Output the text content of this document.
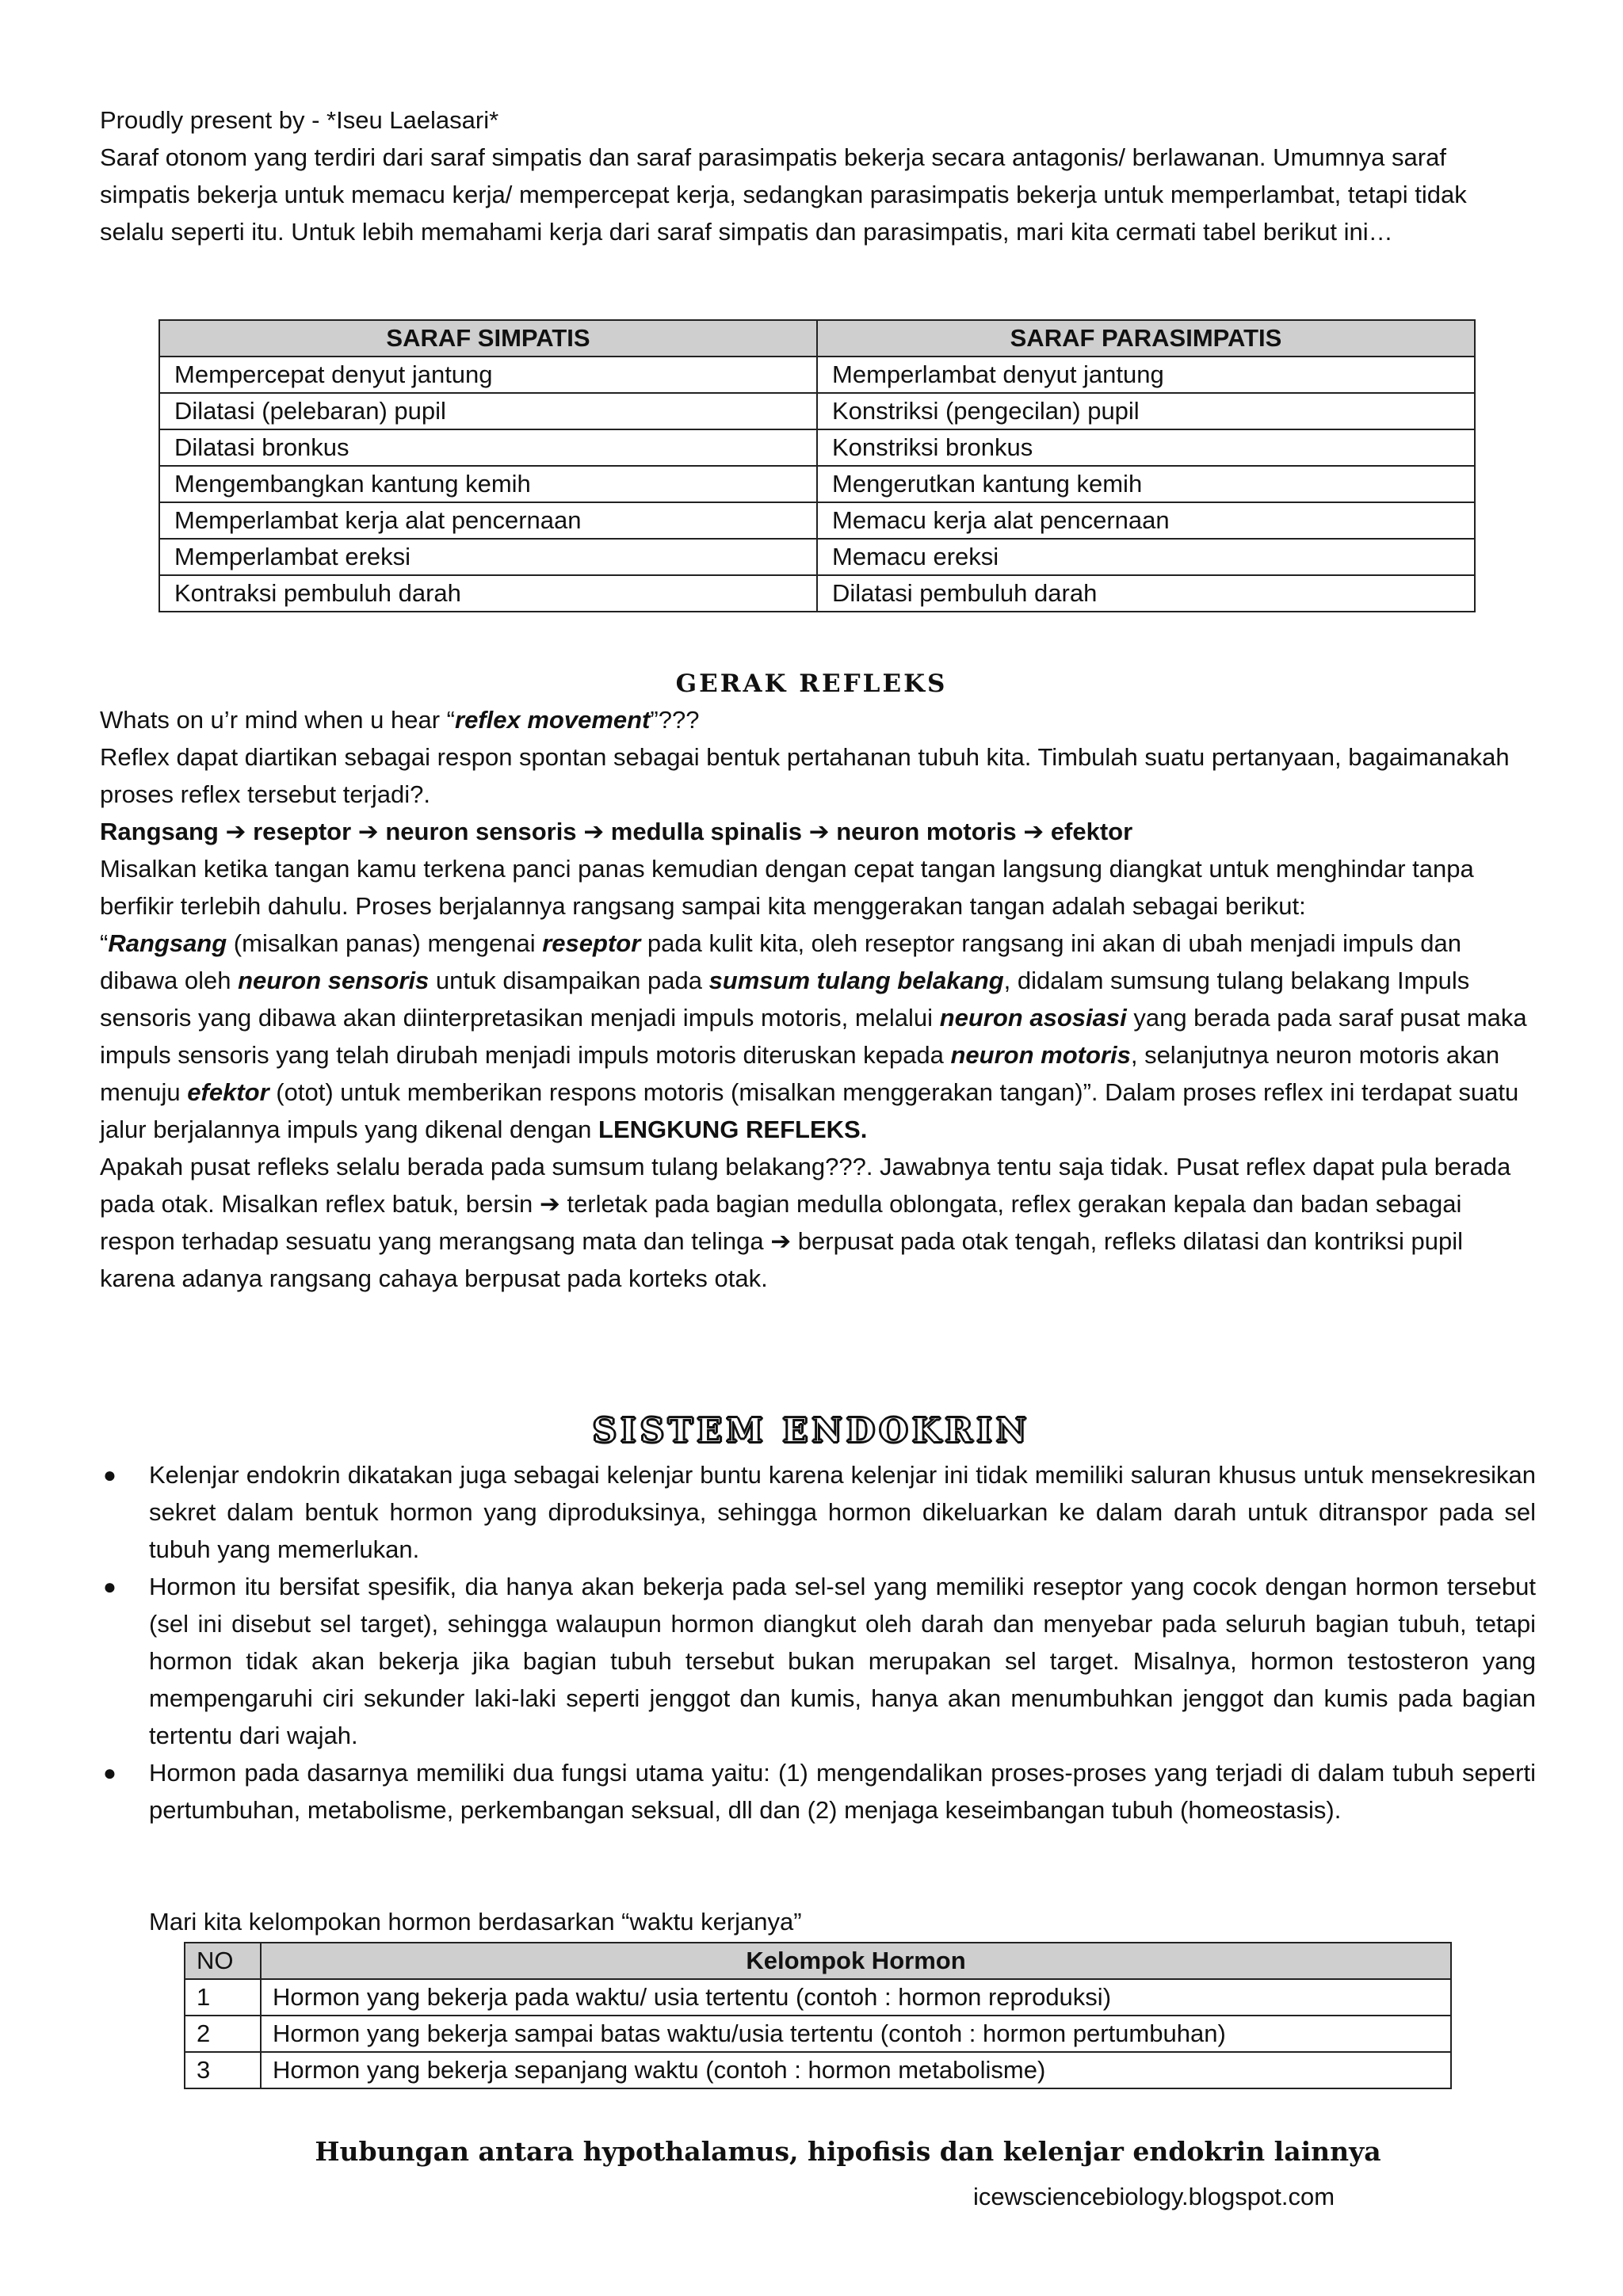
Proudly present by - *Iseu Laelasari*

Saraf otonom yang terdiri dari saraf simpatis dan saraf parasimpatis bekerja secara antagonis/ berlawanan. Umumnya saraf simpatis bekerja untuk memacu kerja/ mempercepat kerja, sedangkan parasimpatis bekerja untuk memperlambat, tetapi tidak selalu seperti itu. Untuk lebih memahami kerja dari saraf simpatis dan parasimpatis, mari kita cermati tabel berikut ini…

SARAF SIMPATIS	SARAF PARASIMPATIS
Mempercepat denyut jantung	Memperlambat denyut jantung
Dilatasi (pelebaran) pupil	Konstriksi (pengecilan) pupil
Dilatasi bronkus	Konstriksi bronkus
Mengembangkan kantung kemih	Mengerutkan kantung kemih
Memperlambat kerja alat pencernaan	Memacu kerja alat pencernaan
Memperlambat ereksi	Memacu ereksi
Kontraksi pembuluh darah	Dilatasi pembuluh darah
GERAK REFLEKS

Whats on u’r mind when u hear “reflex movement”???

Reflex dapat diartikan sebagai respon spontan sebagai bentuk pertahanan tubuh kita. Timbulah suatu pertanyaan, bagaimanakah proses reflex tersebut terjadi?.

Rangsang ➔ reseptor ➔ neuron sensoris ➔ medulla spinalis ➔ neuron motoris ➔ efektor

Misalkan ketika tangan kamu terkena panci panas kemudian dengan cepat tangan langsung diangkat untuk menghindar tanpa berfikir terlebih dahulu. Proses berjalannya rangsang sampai kita menggerakan tangan adalah sebagai berikut:

“Rangsang (misalkan panas) mengenai reseptor pada kulit kita, oleh reseptor rangsang ini akan di ubah menjadi impuls dan dibawa oleh neuron sensoris untuk disampaikan pada sumsum tulang belakang, didalam sumsung tulang belakang Impuls sensoris yang dibawa akan diinterpretasikan menjadi impuls motoris, melalui neuron asosiasi yang berada pada saraf pusat maka impuls sensoris yang telah dirubah menjadi impuls motoris diteruskan kepada neuron motoris, selanjutnya neuron motoris akan menuju efektor (otot) untuk memberikan respons motoris (misalkan menggerakan tangan)”. Dalam proses reflex ini terdapat suatu jalur berjalannya impuls yang dikenal dengan LENGKUNG REFLEKS.

Apakah pusat refleks selalu berada pada sumsum tulang belakang???. Jawabnya tentu saja tidak. Pusat reflex dapat pula berada pada otak. Misalkan reflex batuk, bersin ➔ terletak pada bagian medulla oblongata, reflex gerakan kepala dan badan sebagai respon terhadap sesuatu yang merangsang mata dan telinga ➔ berpusat pada otak tengah, refleks dilatasi dan kontriksi pupil karena adanya rangsang cahaya berpusat pada korteks otak.

SISTEM ENDOKRIN
● Kelenjar endokrin dikatakan juga sebagai kelenjar buntu karena kelenjar ini tidak memiliki saluran khusus untuk mensekresikan sekret dalam bentuk hormon yang diproduksinya, sehingga hormon dikeluarkan ke dalam darah untuk ditranspor pada sel tubuh yang memerlukan.
● Hormon itu bersifat spesifik, dia hanya akan bekerja pada sel-sel yang memiliki reseptor yang cocok dengan hormon tersebut (sel ini disebut sel target), sehingga walaupun hormon diangkut oleh darah dan menyebar pada seluruh bagian tubuh, tetapi hormon tidak akan bekerja jika bagian tubuh tersebut bukan merupakan sel target. Misalnya, hormon testosteron yang mempengaruhi ciri sekunder laki-laki seperti jenggot dan kumis, hanya akan menumbuhkan jenggot dan kumis pada bagian tertentu dari wajah.
● Hormon pada dasarnya memiliki dua fungsi utama yaitu: (1) mengendalikan proses-proses yang terjadi di dalam tubuh seperti pertumbuhan, metabolisme, perkembangan seksual, dll dan (2) menjaga keseimbangan tubuh (homeostasis).
Mari kita kelompokan hormon berdasarkan “waktu kerjanya”
NO	Kelompok Hormon
1	Hormon yang bekerja pada waktu/ usia tertentu (contoh : hormon reproduksi)
2	Hormon yang bekerja sampai batas waktu/usia tertentu (contoh : hormon pertumbuhan)
3	Hormon yang bekerja sepanjang waktu (contoh : hormon metabolisme)
Hubungan antara hypothalamus, hipofisis dan kelenjar endokrin lainnya
icewsciencebiology.blogspot.com
